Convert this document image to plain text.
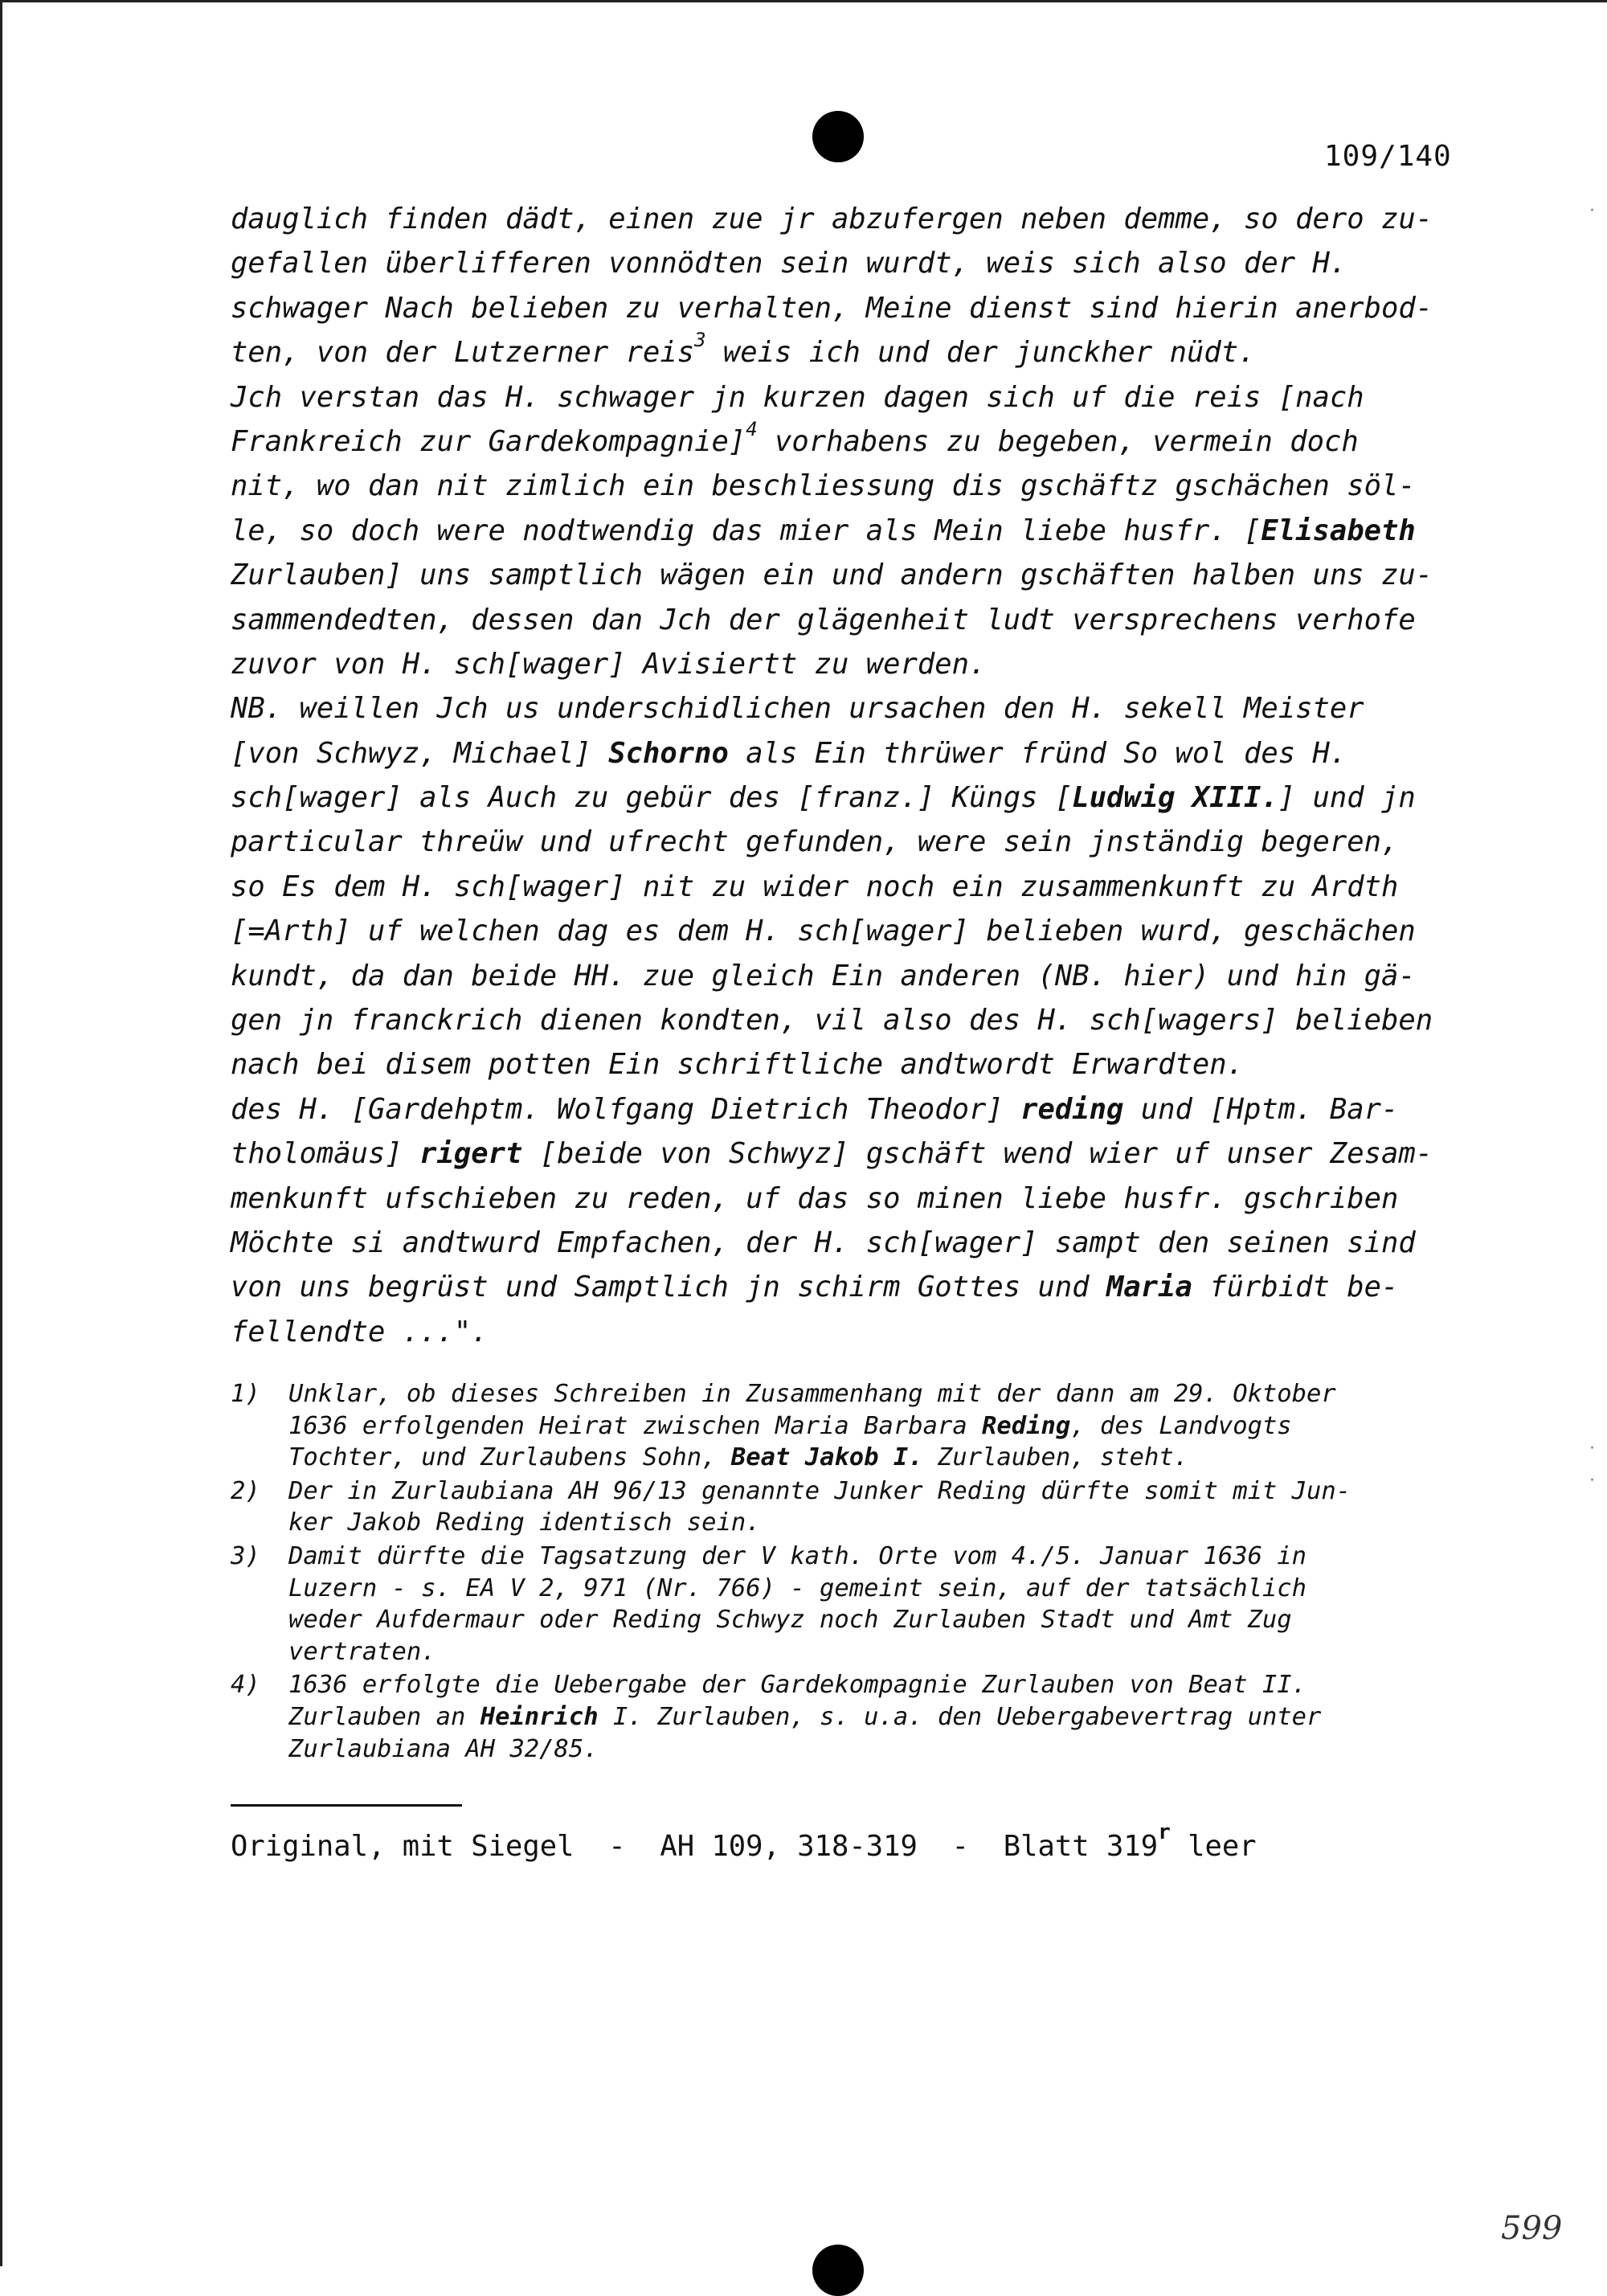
109/140
dauglich finden dädt, einen zue jr abzufergen neben demme, so dero zu-
gefallen überlifferen vonnödten sein wurdt, weis sich also der H.
schwager Nach belieben zu verhalten, Meine dienst sind hierin anerbod-
ten, von der Lutzerner reis$^3$ weis ich und der junckher nüdt.
Jch verstan das H. schwager jn kurzen dagen sich uf die reis [nach
Frankreich zur Gardekompagnie]$^4$ vorhabens zu begeben, vermein doch
nit, wo dan nit zimlich ein beschliessung dis gschäftz gschächen söl-
le, so doch were nodtwendig das mier als Mein liebe husfr. [Elisabeth
Zurlauben] uns samptlich wägen ein und andern gschäften halben uns zu-
sammendedten, dessen dan Jch der glägenheit ludt versprechens verhofe
zuvor von H. sch[wager] Avisiertt zu werden.
NB. weillen Jch us underschidlichen ursachen den H. sekell Meister
[von Schwyz, Michael] Schorno als Ein thrüwer fründ So wol des H.
sch[wager] als Auch zu gebür des [franz.] Küngs [Ludwig XIII.] und jn
particular threüw und ufrecht gefunden, were sein jnständig begeren,
so Es dem H. sch[wager] nit zu wider noch ein zusammenkunft zu Ardth
[=Arth] uf welchen dag es dem H. sch[wager] belieben wurd, geschächen
kundt, da dan beide HH. zue gleich Ein anderen (NB. hier) und hin gä-
gen jn franckrich dienen kondten, vil also des H. sch[wagers] belieben
nach bei disem potten Ein schriftliche andtwordt Erwardten.
des H. [Gardehptm. Wolfgang Dietrich Theodor] reding und [Hptm. Bar-
tholomäus] rigert [beide von Schwyz] gschäft wend wier uf unser Zesam-
menkunft ufschieben zu reden, uf das so minen liebe husfr. gschriben
Möchte si andtwurd Empfachen, der H. sch[wager] sampt den seinen sind
von uns begrüst und Samptlich jn schirm Gottes und Maria fürbidt be-
fellendte ...".
1)	Unklar, ob dieses Schreiben in Zusammenhang mit der dann am 29. Oktober
1636 erfolgenden Heirat zwischen Maria Barbara Reding, des Landvogts
Tochter, und Zurlaubens Sohn, Beat Jakob I. Zurlauben, steht.
2)	Der in Zurlaubiana AH 96/13 genannte Junker Reding dürfte somit mit Jun-
ker Jakob Reding identisch sein.
3)	Damit dürfte die Tagsatzung der V kath. Orte vom 4./5. Januar 1636 in
Luzern - s. EA V 2, 971 (Nr. 766) - gemeint sein, auf der tatsächlich
weder Aufdermaur oder Reding Schwyz noch Zurlauben Stadt und Amt Zug
vertraten.
4)	1636 erfolgte die Uebergabe der Gardekompagnie Zurlauben von Beat II.
Zurlauben an Heinrich I. Zurlauben, s. u.a. den Uebergabevertrag unter
Zurlaubiana AH 32/85.
Original, mit Siegel  -  AH 109, 318-319  -  Blatt 319$^r$ leer
·
·
·
599
